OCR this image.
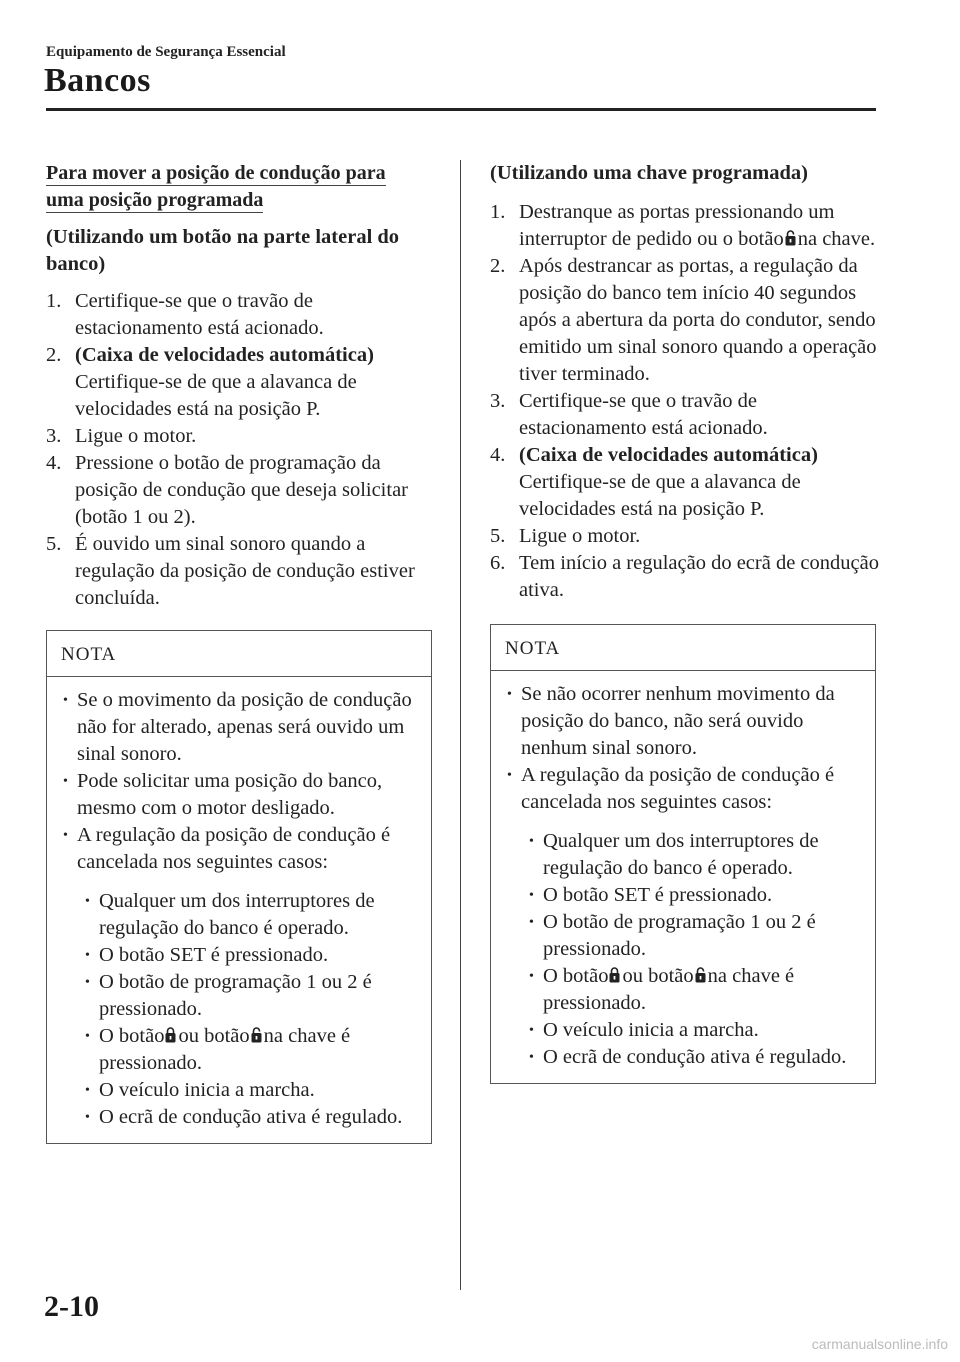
Equipamento de Segurança Essencial
Bancos
Para mover a posição de condução para
uma posição programada
(Utilizando um botão na parte lateral do banco)
1. Certifique-se que o travão de estacionamento está acionado.
2. (Caixa de velocidades automática)
Certifique-se de que a alavanca de velocidades está na posição P.
3. Ligue o motor.
4. Pressione o botão de programação da posição de condução que deseja solicitar (botão 1 ou 2).
5. É ouvido um sinal sonoro quando a regulação da posição de condução estiver concluída.
NOTA
• Se o movimento da posição de condução não for alterado, apenas será ouvido um sinal sonoro.
• Pode solicitar uma posição do banco, mesmo com o motor desligado.
• A regulação da posição de condução é cancelada nos seguintes casos:
• Qualquer um dos interruptores de regulação do banco é operado.
• O botão SET é pressionado.
• O botão de programação 1 ou 2 é pressionado.
• O botão ou botão na chave é pressionado.
• O veículo inicia a marcha.
• O ecrã de condução ativa é regulado.
(Utilizando uma chave programada)
1. Destranque as portas pressionando um interruptor de pedido ou o botão na chave.
2. Após destrancar as portas, a regulação da posição do banco tem início 40 segundos após a abertura da porta do condutor, sendo emitido um sinal sonoro quando a operação tiver terminado.
3. Certifique-se que o travão de estacionamento está acionado.
4. (Caixa de velocidades automática)
Certifique-se de que a alavanca de velocidades está na posição P.
5. Ligue o motor.
6. Tem início a regulação do ecrã de condução ativa.
NOTA
• Se não ocorrer nenhum movimento da posição do banco, não será ouvido nenhum sinal sonoro.
• A regulação da posição de condução é cancelada nos seguintes casos:
• Qualquer um dos interruptores de regulação do banco é operado.
• O botão SET é pressionado.
• O botão de programação 1 ou 2 é pressionado.
• O botão ou botão na chave é pressionado.
• O veículo inicia a marcha.
• O ecrã de condução ativa é regulado.
2-10
carmanualsonline.info
